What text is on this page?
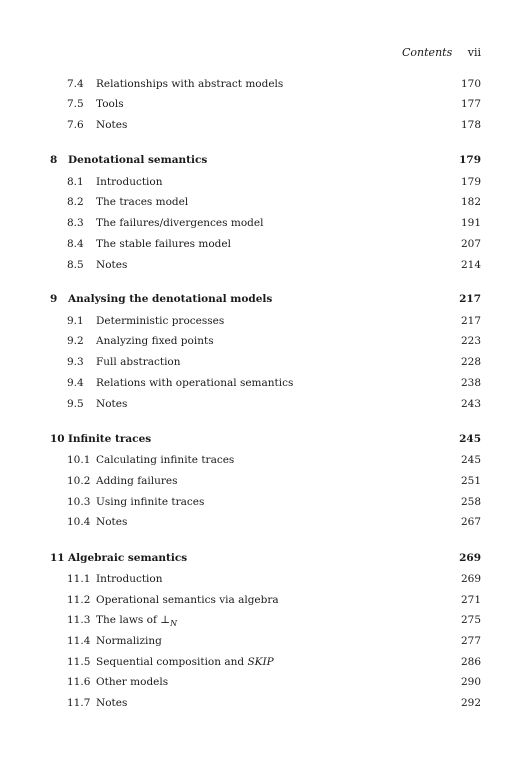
Contents vii
7.4 Relationships with abstract models	170
7.5 Tools	177
7.6 Notes	178
8 Denotational semantics	179
8.1 Introduction	179
8.2 The traces model	182
8.3 The failures/divergences model	191
8.4 The stable failures model	207
8.5 Notes	214
9 Analysing the denotational models	217
9.1 Deterministic processes	217
9.2 Analyzing fixed points	223
9.3 Full abstraction	228
9.4 Relations with operational semantics	238
9.5 Notes	243
10 Infinite traces	245
10.1 Calculating infinite traces	245
10.2 Adding failures	251
10.3 Using infinite traces	258
10.4 Notes	267
11 Algebraic semantics	269
11.1 Introduction	269
11.2 Operational semantics via algebra	271
11.3 The laws of $\perp_N$	275
11.4 Normalizing	277
11.5 Sequential composition and SKIP	286
11.6 Other models	290
11.7 Notes	292
